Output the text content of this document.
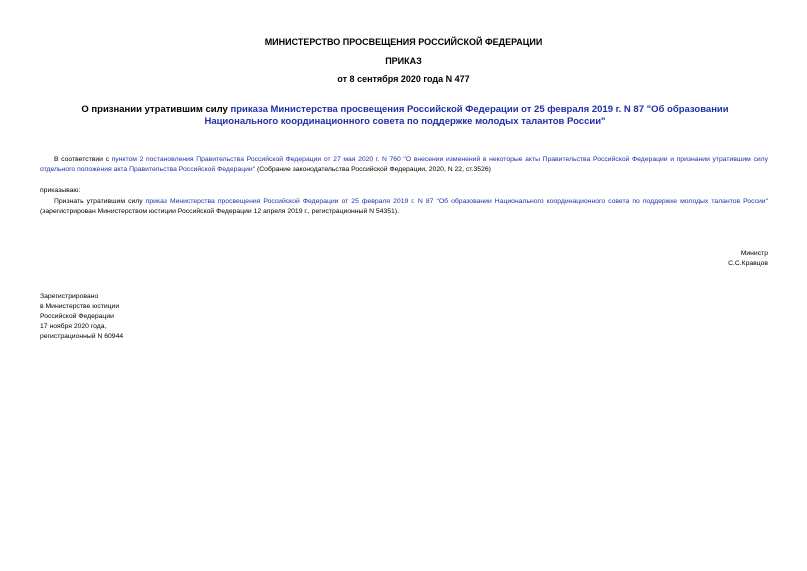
МИНИСТЕРСТВО ПРОСВЕЩЕНИЯ РОССИЙСКОЙ ФЕДЕРАЦИИ
ПРИКАЗ
от 8 сентября 2020 года N 477
О признании утратившим силу приказа Министерства просвещения Российской Федерации от 25 февраля 2019 г. N 87 "Об образовании Национального координационного совета по поддержке молодых талантов России"
В соответствии с пунктом 2 постановления Правительства Российской Федерации от 27 мая 2020 г. N 760 "О внесении изменений в некоторые акты Правительства Российской Федерации и признании утратившим силу отдельного положения акта Правительства Российской Федерации" (Собрание законодательства Российской Федерации, 2020, N 22, ст.3526)
приказываю:
Признать утратившим силу приказ Министерства просвещения Российской Федерации от 25 февраля 2019 г. N 87 "Об образовании Национального координационного совета по поддержке молодых талантов России" (зарегистрирован Министерством юстиции Российской Федерации 12 апреля 2019 г., регистрационный N 54351).
Министр
С.С.Кравцов
Зарегистрировано
в Министерстве юстиции
Российской Федерации
17 ноября 2020 года,
регистрационный N 60944
